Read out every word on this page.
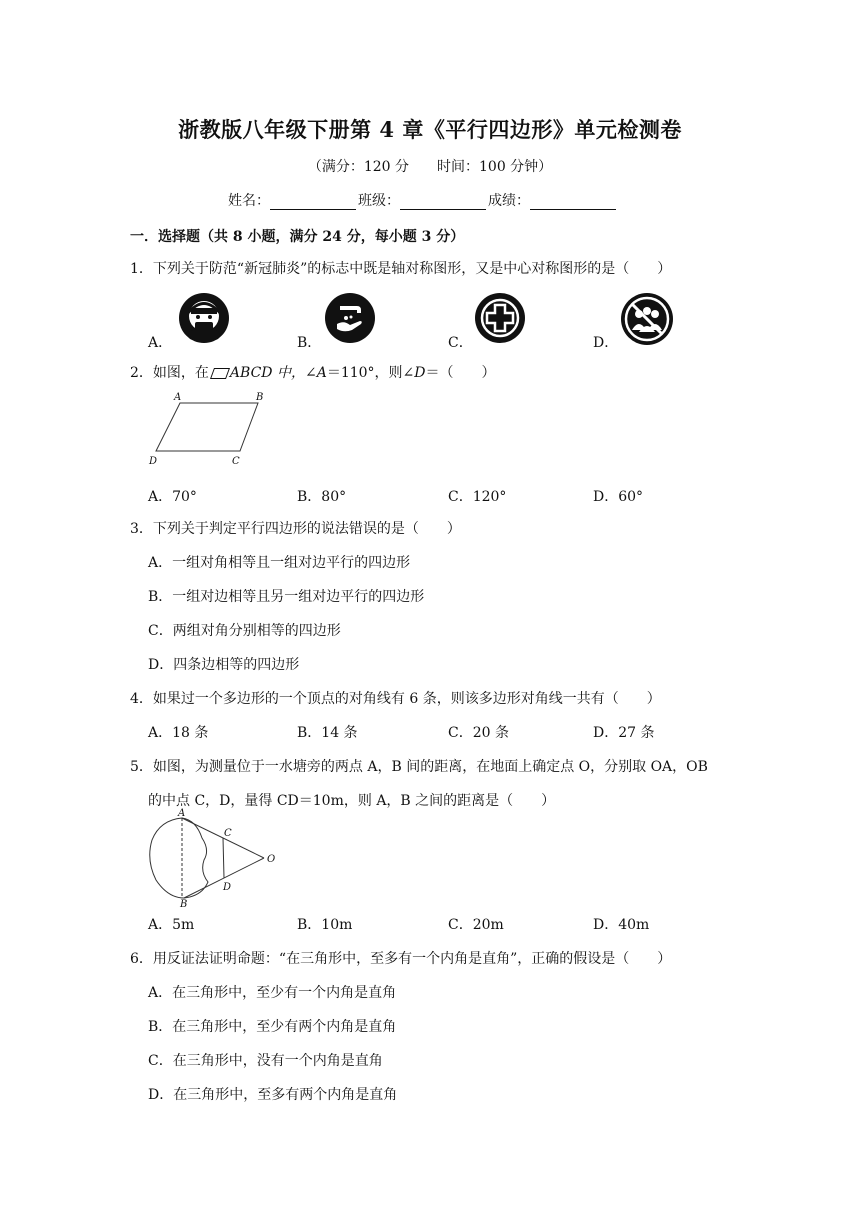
浙教版八年级下册第 4 章《平行四边形》单元检测卷
（满分：120 分　　时间：100 分钟）
姓名：	班级：	成绩：
一．选择题（共 8 小题，满分 24 分，每小题 3 分）
1．下列关于防范“新冠肺炎”的标志中既是轴对称图形，又是中心对称图形的是（　　）
A．	B．	C．	D．
2．如图，在 ABCD 中，∠A＝110°，则∠D＝（　　）
A	B
D	C
A．70°	B．80°	C．120°	D．60°
3．下列关于判定平行四边形的说法错误的是（　　）
A．一组对角相等且一组对边平行的四边形
B．一组对边相等且另一组对边平行的四边形
C．两组对角分别相等的四边形
D．四条边相等的四边形
4．如果过一个多边形的一个顶点的对角线有 6 条，则该多边形对角线一共有（　　）
A．18 条	B．14 条	C．20 条	D．27 条
5．如图，为测量位于一水塘旁的两点 A，B 间的距离，在地面上确定点 O，分别取 OA，OB
的中点 C，D，量得 CD＝10m，则 A，B 之间的距离是（　　）
A
B
C
D
O
A．5m	B．10m	C．20m	D．40m
6．用反证法证明命题：“在三角形中，至多有一个内角是直角”，正确的假设是（　　）
A．在三角形中，至少有一个内角是直角
B．在三角形中，至少有两个内角是直角
C．在三角形中，没有一个内角是直角
D．在三角形中，至多有两个内角是直角
